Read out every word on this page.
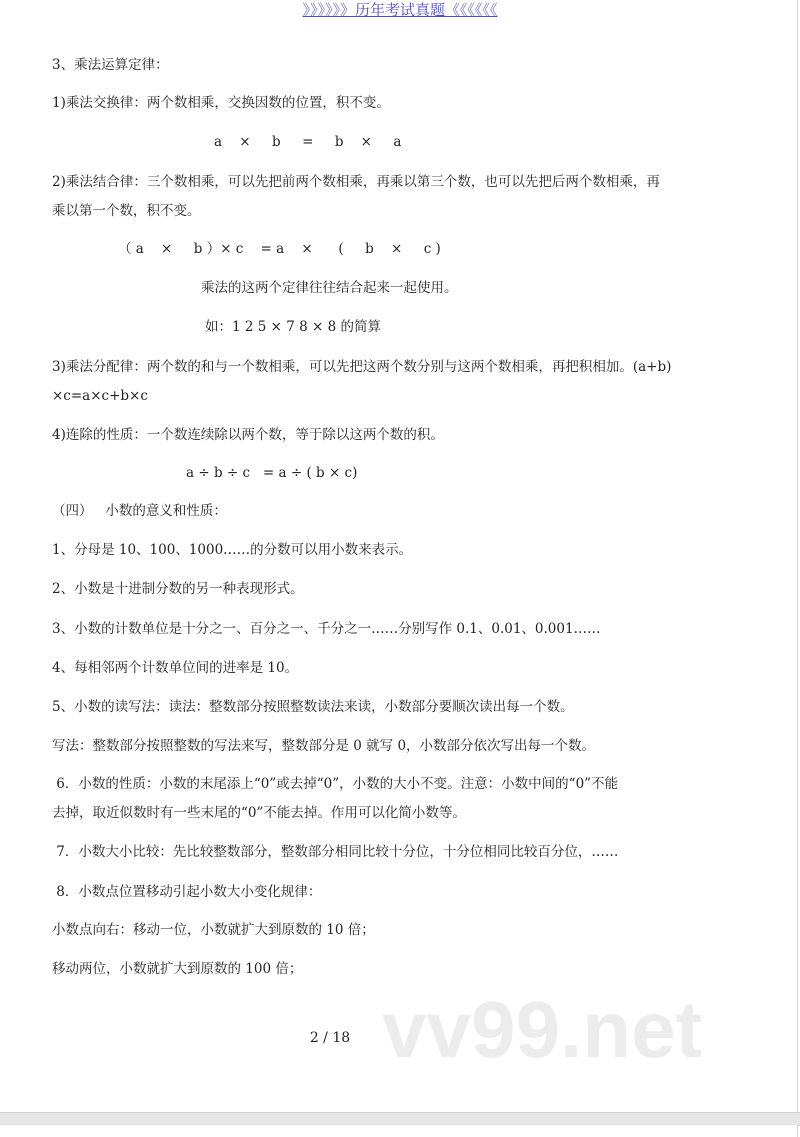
》》》》》》历年考试真题《《《《《《
3、乘法运算定律：
1)乘法交换律：两个数相乘，交换因数的位置，积不变。
a    ×     b     =     b    ×     a
2)乘法结合律：三个数相乘，可以先把前两个数相乘，再乘以第三个数，也可以先把后两个数相乘，再
乘以第一个数，积不变。
（ a    ×     b ）× c    = a    ×      (     b    ×     c )
乘法的这两个定律往往结合起来一起使用。
如：1 2 5 × 7 8 × 8 的简算
3)乘法分配律：两个数的和与一个数相乘，可以先把这两个数分别与这两个数相乘，再把积相加。(a+b)
×c=a×c+b×c
4)连除的性质：一个数连续除以两个数，等于除以这两个数的积。
a ÷ b ÷ c   = a ÷ ( b × c)
（四）   小数的意义和性质：
1、分母是 10、100、1000……的分数可以用小数来表示。
2、小数是十进制分数的另一种表现形式。
3、小数的计数单位是十分之一、百分之一、千分之一……分别写作 0.1、0.01、0.001……
4、每相邻两个计数单位间的进率是 10。
5、小数的读写法：读法：整数部分按照整数读法来读，小数部分要顺次读出每一个数。
写法：整数部分按照整数的写法来写，整数部分是 0 就写 0，小数部分依次写出每一个数。
6．小数的性质：小数的末尾添上“0”或去掉“0”，小数的大小不变。注意：小数中间的“0”不能
去掉，取近似数时有一些末尾的“0”不能去掉。作用可以化简小数等。
7．小数大小比较：先比较整数部分，整数部分相同比较十分位，十分位相同比较百分位，……
8．小数点位置移动引起小数大小变化规律：
小数点向右：移动一位，小数就扩大到原数的 10 倍；
移动两位，小数就扩大到原数的 100 倍；
vv99.net
2 / 18
